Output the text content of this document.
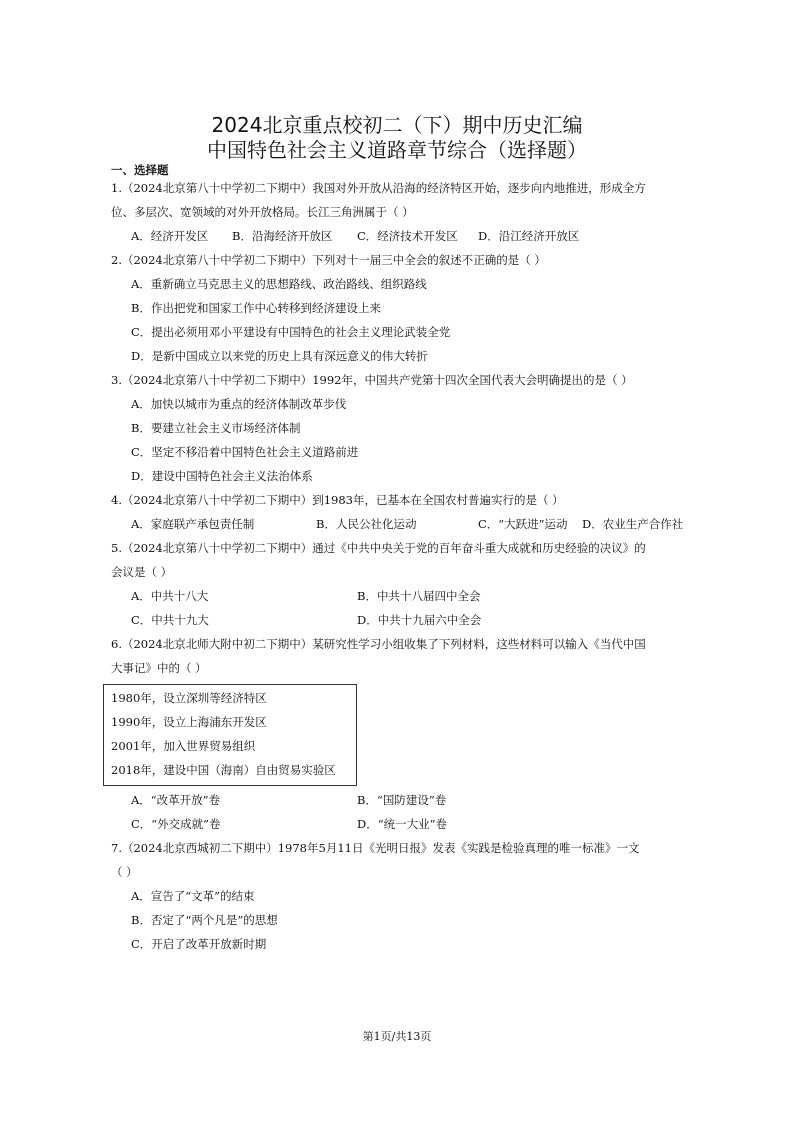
2024北京重点校初二（下）期中历史汇编
中国特色社会主义道路章节综合（选择题）
一、选择题
1.（2024北京第八十中学初二下期中）我国对外开放从沿海的经济特区开始，逐步向内地推进，形成全方
位、多层次、宽领域的对外开放格局。长江三角洲属于（ ）
A．经济开发区 B．沿海经济开放区 C．经济技术开发区 D．沿江经济开放区
2.（2024北京第八十中学初二下期中）下列对十一届三中全会的叙述不正确的是（ ）
A．重新确立马克思主义的思想路线、政治路线、组织路线
B．作出把党和国家工作中心转移到经济建设上来
C．提出必须用邓小平建设有中国特色的社会主义理论武装全党
D．是新中国成立以来党的历史上具有深远意义的伟大转折
3.（2024北京第八十中学初二下期中）1992年，中国共产党第十四次全国代表大会明确提出的是（ ）
A．加快以城市为重点的经济体制改革步伐
B．要建立社会主义市场经济体制
C．坚定不移沿着中国特色社会主义道路前进
D．建设中国特色社会主义法治体系
4.（2024北京第八十中学初二下期中）到1983年，已基本在全国农村普遍实行的是（ ）
A．家庭联产承包责任制	B．人民公社化运动	C．“大跃进”运动 D．农业生产合作社
5.（2024北京第八十中学初二下期中）通过《中共中央关于党的百年奋斗重大成就和历史经验的决议》的
会议是（ ）
A．中共十八大	B．中共十八届四中全会
C．中共十九大	D．中共十九届六中全会
6.（2024北京北师大附中初二下期中）某研究性学习小组收集了下列材料，这些材料可以输入《当代中国
大事记》中的（ ）
1980年，设立深圳等经济特区
1990年，设立上海浦东开发区
2001年，加入世界贸易组织
2018年，建设中国（海南）自由贸易实验区
A．“改革开放”卷	B．“国防建设”卷
C．“外交成就”卷	D．“统一大业”卷
7.（2024北京西城初二下期中）1978年5月11日《光明日报》发表《实践是检验真理的唯一标准》一文
（ ）
A．宣告了“文革”的结束
B．否定了“两个凡是”的思想
C．开启了改革开放新时期
第1页/共13页
